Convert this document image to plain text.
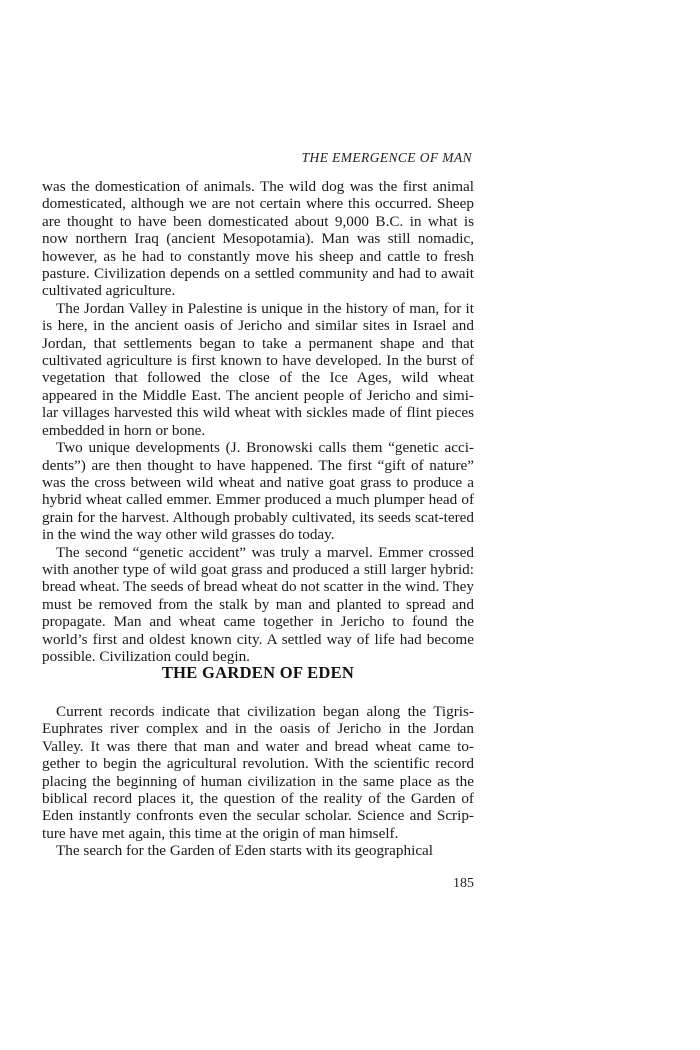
THE EMERGENCE OF MAN

was the domestication of animals. The wild dog was the first animal domesticated, although we are not certain where this occurred. Sheep are thought to have been domesticated about 9,000 B.C. in what is now northern Iraq (ancient Mesopotamia). Man was still nomadic, however, as he had to constantly move his sheep and cattle to fresh pasture. Civilization depends on a settled community and had to await cultivated agriculture.

The Jordan Valley in Palestine is unique in the history of man, for it is here, in the ancient oasis of Jericho and similar sites in Israel and Jordan, that settlements began to take a permanent shape and that cultivated agriculture is first known to have developed. In the burst of vegetation that followed the close of the Ice Ages, wild wheat appeared in the Middle East. The ancient people of Jericho and simi-lar villages harvested this wild wheat with sickles made of flint pieces embedded in horn or bone.

Two unique developments (J. Bronowski calls them “genetic acci-dents”) are then thought to have happened. The first “gift of nature” was the cross between wild wheat and native goat grass to produce a hybrid wheat called emmer. Emmer produced a much plumper head of grain for the harvest. Although probably cultivated, its seeds scat-tered in the wind the way other wild grasses do today.

The second “genetic accident” was truly a marvel. Emmer crossed with another type of wild goat grass and produced a still larger hybrid: bread wheat. The seeds of bread wheat do not scatter in the wind. They must be removed from the stalk by man and planted to spread and propagate. Man and wheat came together in Jericho to found the world’s first and oldest known city. A settled way of life had become possible. Civilization could begin.

THE GARDEN OF EDEN

Current records indicate that civilization began along the Tigris-Euphrates river complex and in the oasis of Jericho in the Jordan Valley. It was there that man and water and bread wheat came to-gether to begin the agricultural revolution. With the scientific record placing the beginning of human civilization in the same place as the biblical record places it, the question of the reality of the Garden of Eden instantly confronts even the secular scholar. Science and Scrip-ture have met again, this time at the origin of man himself.

The search for the Garden of Eden starts with its geographical

185
